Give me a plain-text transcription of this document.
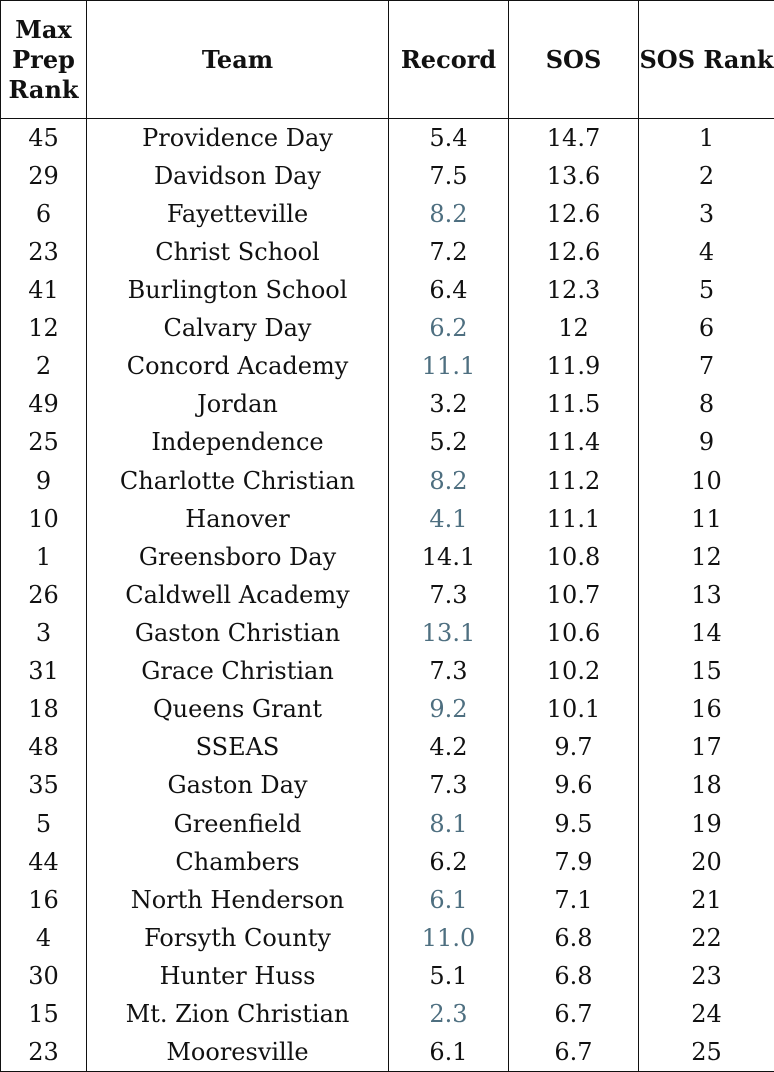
Max Prep Rank	Team	Record	SOS	SOS Rank
45	Providence Day	5.4	14.7	1
29	Davidson Day	7.5	13.6	2
6	Fayetteville	8.2	12.6	3
23	Christ School	7.2	12.6	4
41	Burlington School	6.4	12.3	5
12	Calvary Day	6.2	12	6
2	Concord Academy	11.1	11.9	7
49	Jordan	3.2	11.5	8
25	Independence	5.2	11.4	9
9	Charlotte Christian	8.2	11.2	10
10	Hanover	4.1	11.1	11
1	Greensboro Day	14.1	10.8	12
26	Caldwell Academy	7.3	10.7	13
3	Gaston Christian	13.1	10.6	14
31	Grace Christian	7.3	10.2	15
18	Queens Grant	9.2	10.1	16
48	SSEAS	4.2	9.7	17
35	Gaston Day	7.3	9.6	18
5	Greenfield	8.1	9.5	19
44	Chambers	6.2	7.9	20
16	North Henderson	6.1	7.1	21
4	Forsyth County	11.0	6.8	22
30	Hunter Huss	5.1	6.8	23
15	Mt. Zion Christian	2.3	6.7	24
23	Mooresville	6.1	6.7	25
